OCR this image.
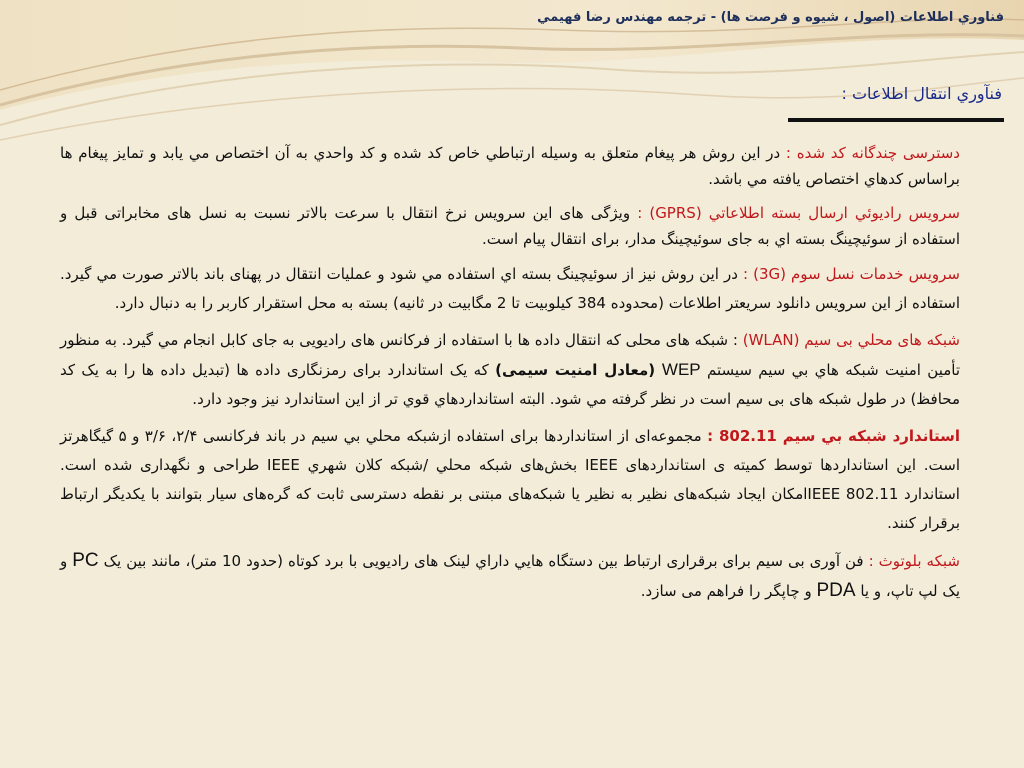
فناوري اطلاعات (اصول ، شيوه و فرصت ها) - ترجمه مهندس رضا فهيمي
فنآوري انتقال اطلاعات :

دسترسی چندگانه کد شده : در اين روش هر پيغام متعلق به وسيله ارتباطي خاص کد شده و کد واحدي به آن اختصاص مي يابد و تمايز پيغام ها براساس کدهاي اختصاص يافته مي باشد.

سرويس راديوئي ارسال بسته اطلاعاتي (GPRS) : ويژگی های اين سرويس نرخ انتقال با سرعت بالاتر نسبت به نسل های مخابراتی قبل و استفاده از سوئيچينگ بسته اي به جای سوئيچينگ مدار، برای انتقال پيام است.

سرويس خدمات نسل سوم (3G) : در اين روش نيز از سوئيچينگ بسته اي استفاده مي شود و عمليات انتقال در پهنای باند بالاتر صورت مي گيرد. استفاده از اين سرويس دانلود سريعتر اطلاعات (محدوده 384 کيلوبيت تا 2 مگابيت در ثانيه) بسته به محل استقرار کاربر را به دنبال دارد.

شبکه های محلي بی سيم (WLAN) : شبکه های محلی که انتقال داده ها با استفاده از فرکانس های راديويی به جای کابل انجام مي گيرد. به منظور تأمين امنيت شبکه هاي بي سيم سيستم WEP (معادل امنيت سيمی) که يک استاندارد برای رمزنگاری داده ها (تبديل داده ها را به يک کد محافظ) در طول شبکه های بی سيم است در نظر گرفته مي شود. البته استانداردهاي قوي تر از اين استاندارد نيز وجود دارد.

استاندارد شبکه بي سيم 802.11 : مجموعه‌ای از استانداردها برای استفاده ازشبکه محلي بي سيم در باند فرکانسی ۲/۴، ۳/۶ و ۵ گيگاهرتز است. اين استانداردها توسط کميته ی استانداردهای IEEE بخش‌های شبکه محلي /شبکه کلان شهري IEEE طراحی و نگهداری شده است. استاندارد IEEE 802.11امکان ايجاد شبکه‌های نظير به نظير يا شبکه‌های مبتنی بر نقطه دسترسی ثابت که گره‌های سيار بتوانند با يکديگر ارتباط برقرار کنند.

شبکه بلوتوث : فن آوری بی سيم برای برقراری ارتباط بين دستگاه هايي داراي لينک های راديويی با برد کوتاه (حدود 10 متر)، مانند بين يک PC و يک لپ تاپ، و يا PDA و چاپگر را فراهم می سازد.
